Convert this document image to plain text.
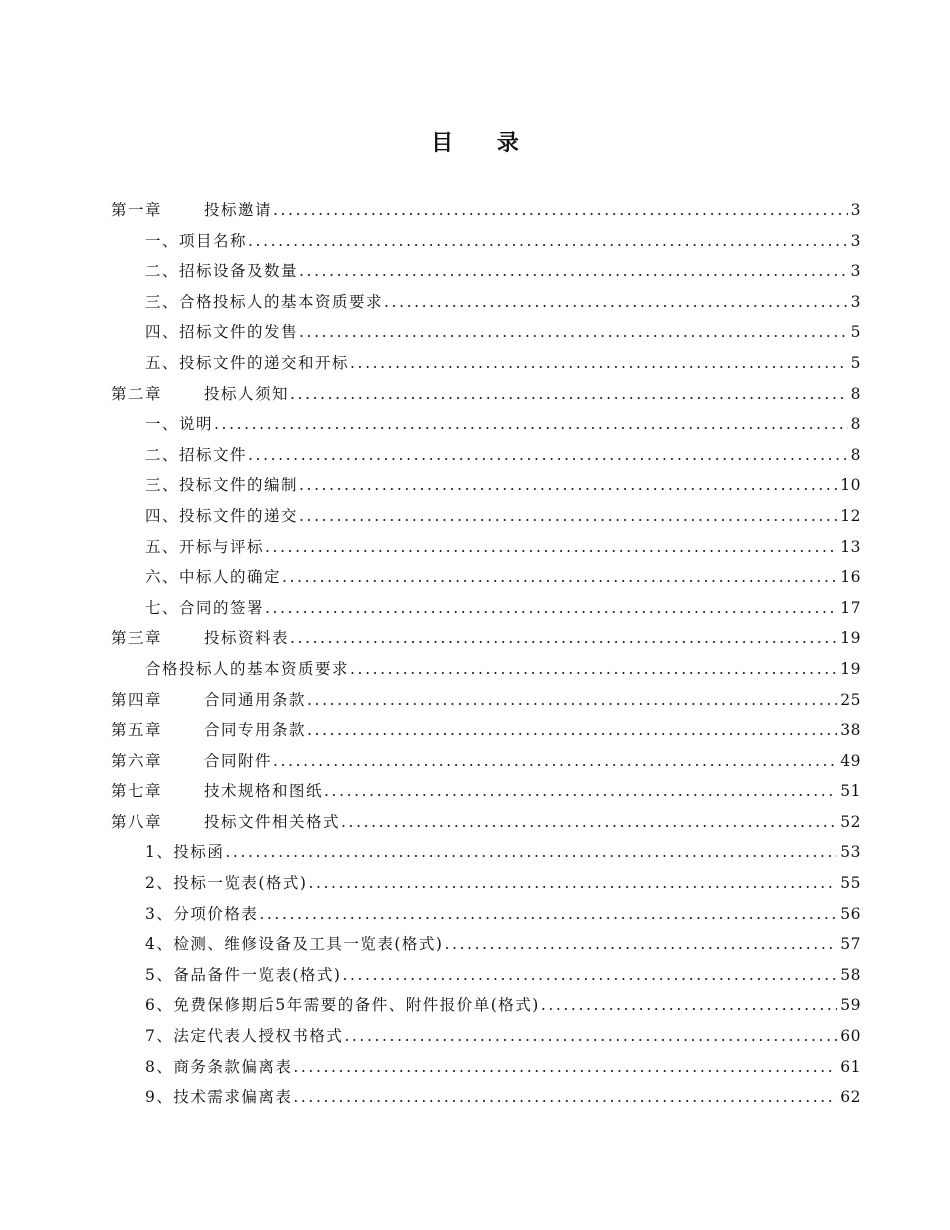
目 录
第一章	投标邀请 .....	3
一、项目名称 .....	3
二、招标设备及数量 .....	3
三、合格投标人的基本资质要求 .....	3
四、招标文件的发售 .....	5
五、投标文件的递交和开标 .....	5
第二章	投标人须知 .....	8
一、说明 .....	8
二、招标文件 .....	8
三、投标文件的编制 .....	10
四、投标文件的递交 .....	12
五、开标与评标 .....	13
六、中标人的确定 .....	16
七、合同的签署 .....	17
第三章	投标资料表 .....	19
合格投标人的基本资质要求 .....	19
第四章	合同通用条款 .....	25
第五章	合同专用条款 .....	38
第六章	合同附件 .....	49
第七章	技术规格和图纸 .....	51
第八章	投标文件相关格式 .....	52
1、投标函 .....	53
2、投标一览表(格式) .....	55
3、分项价格表 .....	56
4、检测、维修设备及工具一览表(格式) .....	57
5、备品备件一览表(格式) .....	58
6、免费保修期后5年需要的备件、附件报价单(格式) .....	59
7、法定代表人授权书格式 .....	60
8、商务条款偏离表 .....	61
9、技术需求偏离表 .....	62
